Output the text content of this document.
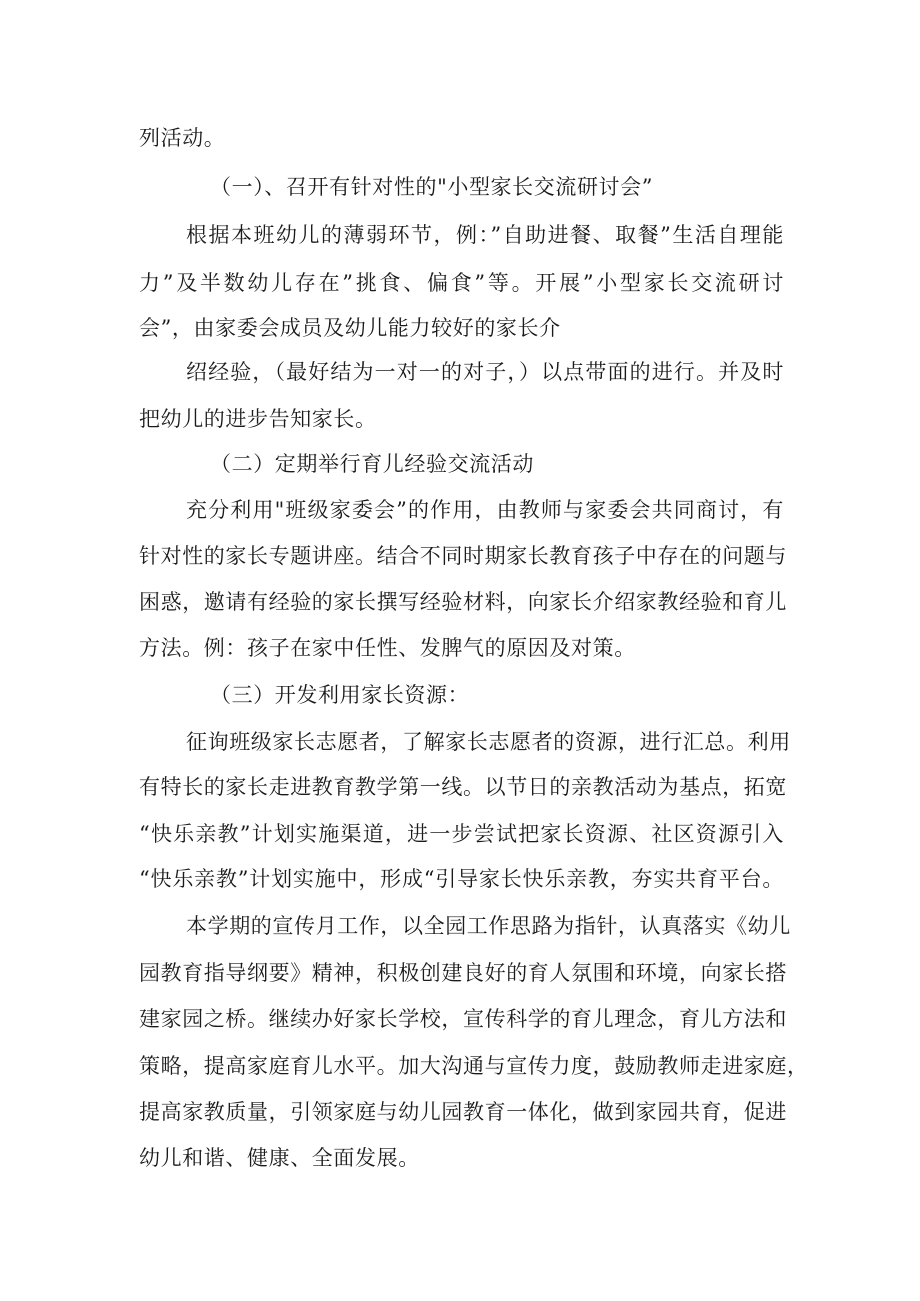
列活动。
（一）、召开有针对性的"小型家长交流研讨会”
根据本班幼儿的薄弱环节，例：”自助进餐、取餐”生活自理能
力”及半数幼儿存在”挑食、偏食”等。开展”小型家长交流研讨
会”，由家委会成员及幼儿能力较好的家长介
绍经验，（最好结为一对一的对子，）以点带面的进行。并及时
把幼儿的进步告知家长。
（二）定期举行育儿经验交流活动
充分利用"班级家委会”的作用，由教师与家委会共同商讨，有
针对性的家长专题讲座。结合不同时期家长教育孩子中存在的问题与
困惑，邀请有经验的家长撰写经验材料，向家长介绍家教经验和育儿
方法。例：孩子在家中任性、发脾气的原因及对策。
（三）开发利用家长资源：
征询班级家长志愿者，了解家长志愿者的资源，进行汇总。利用
有特长的家长走进教育教学第一线。以节日的亲教活动为基点，拓宽
“快乐亲教”计划实施渠道，进一步尝试把家长资源、社区资源引入
“快乐亲教”计划实施中，形成“引导家长快乐亲教，夯实共育平台。
本学期的宣传月工作，以全园工作思路为指针，认真落实《幼儿
园教育指导纲要》精神，积极创建良好的育人氛围和环境，向家长搭
建家园之桥。继续办好家长学校，宣传科学的育儿理念，育儿方法和
策略，提高家庭育儿水平。加大沟通与宣传力度，鼓励教师走进家庭，
提高家教质量，引领家庭与幼儿园教育一体化，做到家园共育，促进
幼儿和谐、健康、全面发展。
